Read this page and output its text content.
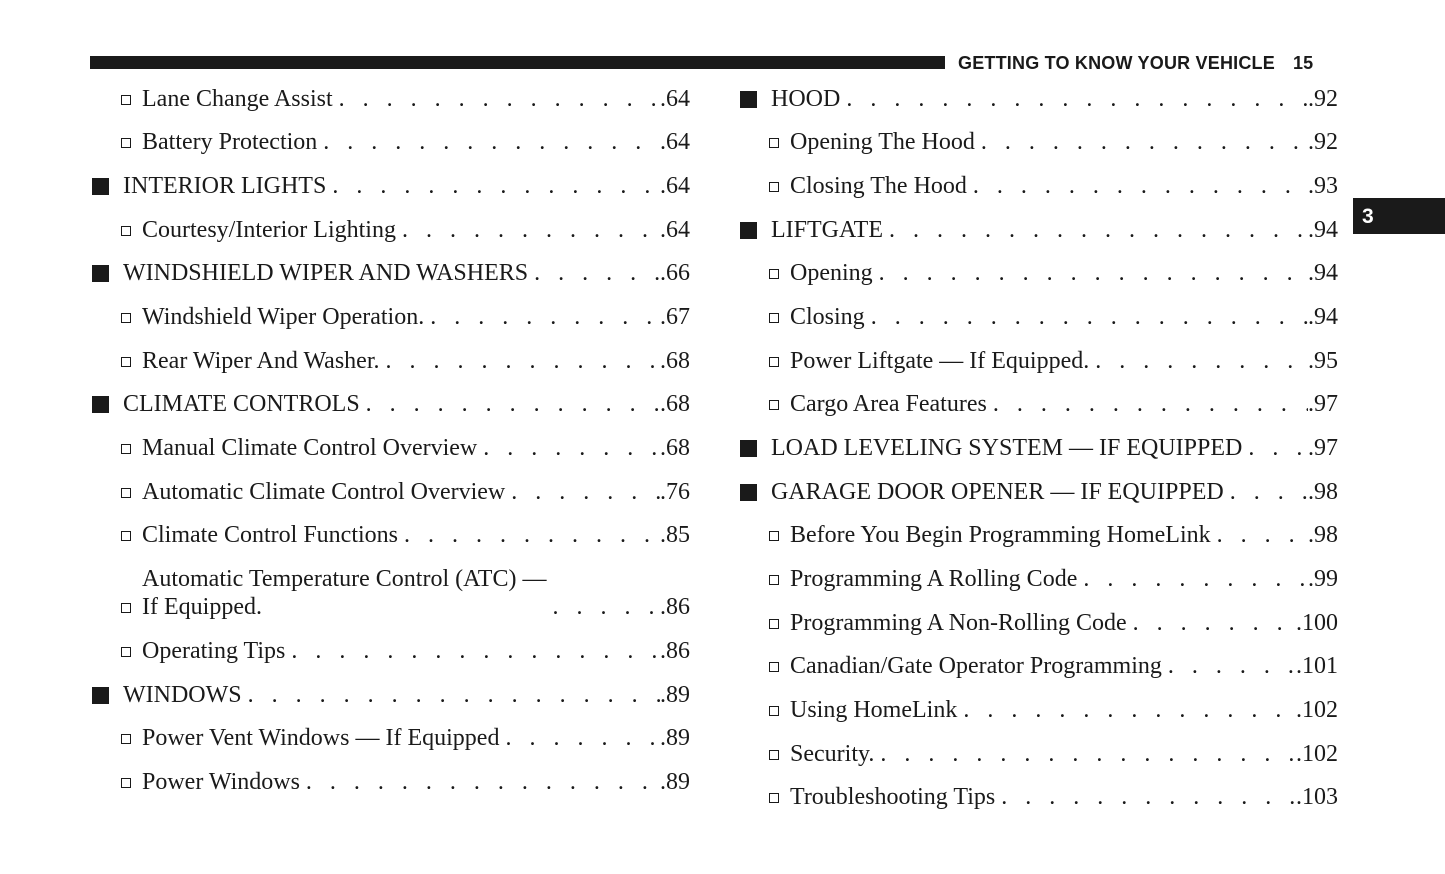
GETTING TO KNOW YOUR VEHICLE 15
3
Lane Change Assist . . .	.64
Battery Protection . . .	.64
INTERIOR LIGHTS . . .	.64
Courtesy/Interior Lighting . . .	.64
WINDSHIELD WIPER AND WASHERS . . .	.66
Windshield Wiper Operation. . . .	.67
Rear Wiper And Washer. . . .	.68
CLIMATE CONTROLS . . .	.68
Manual Climate Control Overview . . .	.68
Automatic Climate Control Overview . . .	.76
Climate Control Functions . . .	.85
Automatic Temperature Control (ATC) —
If Equipped. . . .	.86
Operating Tips . . .	.86
WINDOWS . . .	.89
Power Vent Windows — If Equipped . . .	.89
Power Windows . . .	.89
HOOD . . .	.92
Opening The Hood . . .	.92
Closing The Hood . . .	.93
LIFTGATE . . .	.94
Opening . . .	.94
Closing . . .	.94
Power Liftgate — If Equipped. . . .	.95
Cargo Area Features . . .	.97
LOAD LEVELING SYSTEM — IF EQUIPPED . . .	.97
GARAGE DOOR OPENER — IF EQUIPPED . . .	.98
Before You Begin Programming HomeLink . . .	.98
Programming A Rolling Code . . .	.99
Programming A Non-Rolling Code . . .	.100
Canadian/Gate Operator Programming . . .	.101
Using HomeLink . . .	.102
Security. . . .	.102
Troubleshooting Tips . . .	.103
